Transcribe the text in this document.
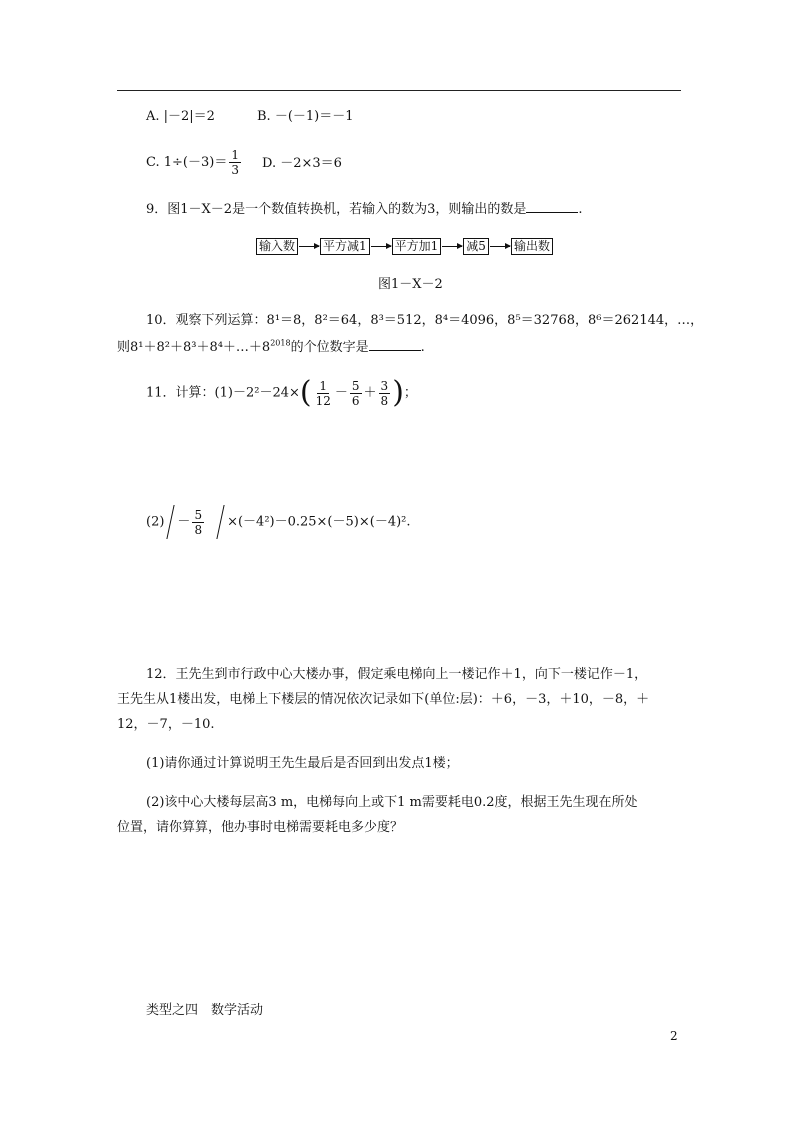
A. |－2|＝2	B. －(－1)＝－1
C. $1\div(-3)= \frac{1}{3} D$. －2×3＝6
9．图1－X－2是一个数值转换机，若输入的数为3，则输出的数是	.
输入数 平方减1 平方加1 减5 输出数
图1－X－2
10．观察下列运算：8¹＝8，8²＝64，8³＝512，8⁴＝4096，8⁵＝32768，8⁶＝262144，…，
则$8^1+8^2+8^3+8^4+\dots+8^{2018}$的个位数字是	.
11．计算：$(1)-2^2-24\times( \frac{1}{12} - \frac{5}{6} + \frac{3}{8}$ )；
$(2) - \frac{5}{8} \times(-4^2)-0.25\times(-5)\times(-4)^2$.
12．王先生到市行政中心大楼办事，假定乘电梯向上一楼记作＋1，向下一楼记作－1，
王先生从1楼出发，电梯上下楼层的情况依次记录如下(单位:层)：＋6，－3，＋10，－8，＋
12，－7，－10.
(1)请你通过计算说明王先生最后是否回到出发点1楼；
(2)该中心大楼每层高3 m，电梯每向上或下1 m需要耗电0.2度，根据王先生现在所处
位置，请你算算，他办事时电梯需要耗电多少度？
类型之四　数学活动
2
